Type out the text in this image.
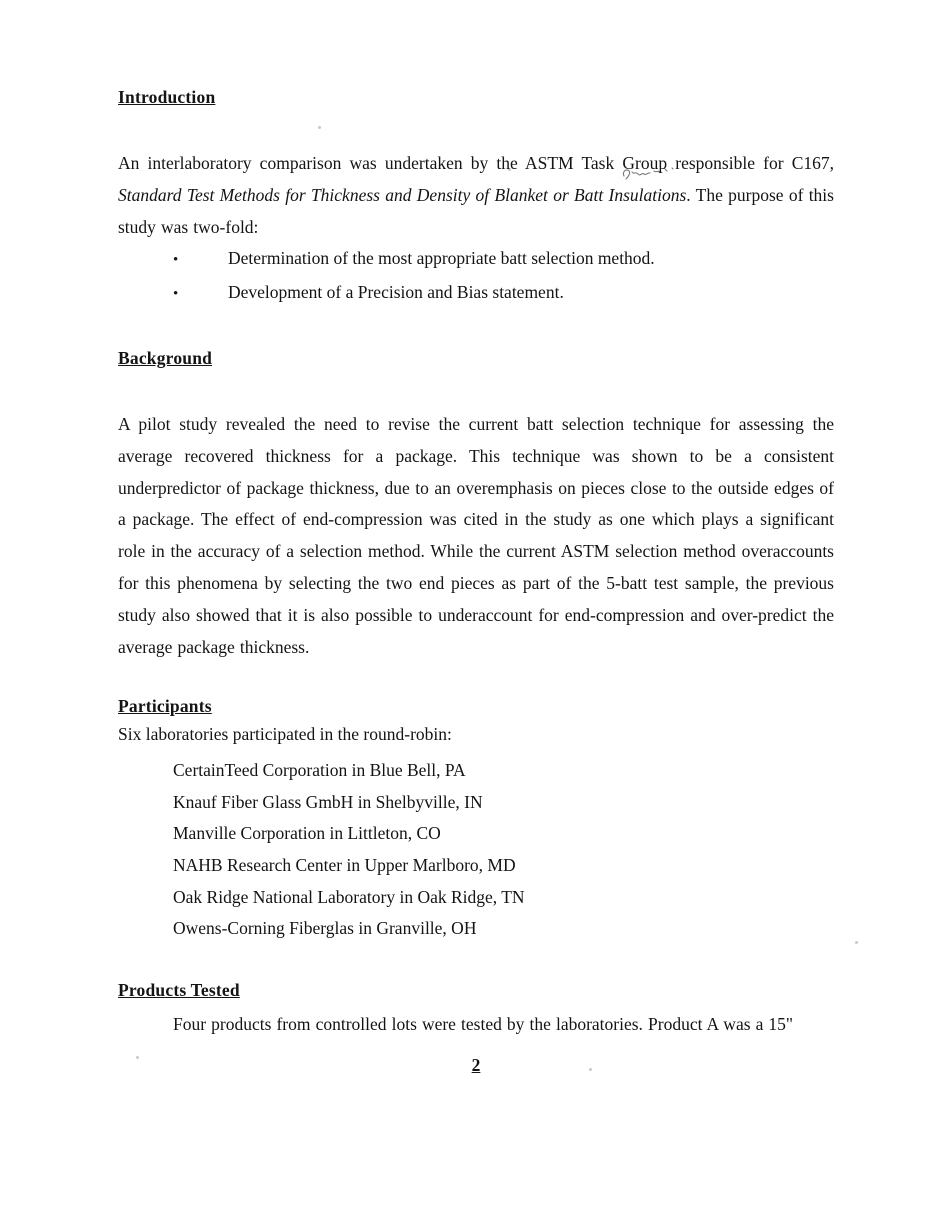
Introduction

An interlaboratory comparison was undertaken by the ASTM Task Group responsible for C167, Standard Test Methods for Thickness and Density of Blanket or Batt Insulations. The purpose of this study was two-fold:

•	Determination of the most appropriate batt selection method.
•	Development of a Precision and Bias statement.
Background

A pilot study revealed the need to revise the current batt selection technique for assessing the average recovered thickness for a package. This technique was shown to be a consistent underpredictor of package thickness, due to an overemphasis on pieces close to the outside edges of a package. The effect of end-compression was cited in the study as one which plays a significant role in the accuracy of a selection method. While the current ASTM selection method overaccounts for this phenomena by selecting the two end pieces as part of the 5-batt test sample, the previous study also showed that it is also possible to underaccount for end-compression and over-predict the average package thickness.

Participants
Six laboratories participated in the round-robin:
CertainTeed Corporation in Blue Bell, PA
Knauf Fiber Glass GmbH in Shelbyville, IN
Manville Corporation in Littleton, CO
NAHB Research Center in Upper Marlboro, MD
Oak Ridge National Laboratory in Oak Ridge, TN
Owens-Corning Fiberglas in Granville, OH
Products Tested

Four products from controlled lots were tested by the laboratories. Product A was a 15"

2
